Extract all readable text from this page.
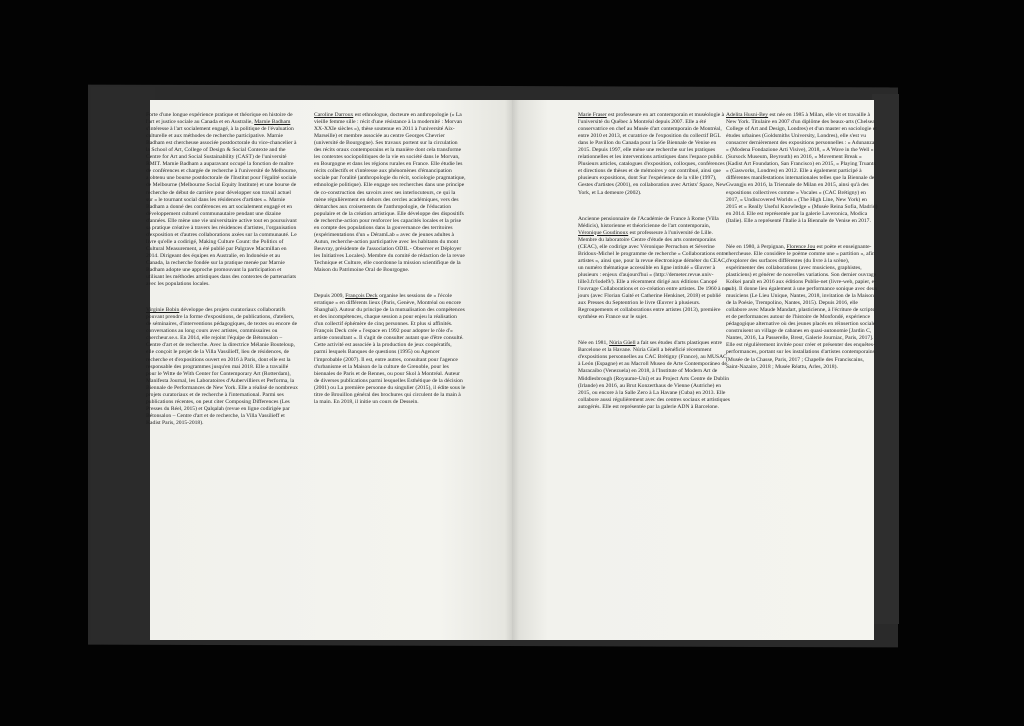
Forte d'une longue expérience pratique et théorique en histoire de l'art et justice sociale au Canada et en Australie, Marnie Badham s'intéresse à l'art socialement engagé, à la politique de l'évaluation culturelle et aux méthodes de recherche participative. Marnie Badham est chercheuse associée postdoctorale du vice-chancelier à la School of Art, College of Design & Social Contexte and the Centre for Art and Social Sustainability (CAST) de l'université RMIT. Marnie Badham a auparavant occupé la fonction de maître de conférences et chargée de recherche à l'université de Melbourne, a obtenu une bourse postdoctorale de l'Institut pour l'égalité sociale de Melbourne (Melbourne Social Equity Institute) et une bourse de recherche de début de carrière pour développer son travail actuel sur « le tournant social dans les résidences d'artistes ». Marnie Badham a donné des conférences en art socialement engagé et en développement culturel communautaire pendant une dizaine d'années. Elle mène une vie universitaire active tout en poursuivant sa pratique créative à travers les résidences d'artistes, l'organisation d'exposition et d'autres collaborations axées sur la communauté. Le livre qu'elle a codirigé, Making Culture Count: the Politics of Cultural Measurement, a été publié par Palgrave Macmillan en 2014. Dirigeant des équipes en Australie, en Indonésie et au Canada, la recherche fondée sur la pratique menée par Marnie Badham adopte une approche promouvant la participation et utilisant les méthodes artistiques dans des contextes de partenariats avec les populations locales.

Virginie Bobin développe des projets curatoriaux collaboratifs pouvant prendre la forme d'expositions, de publications, d'ateliers, de séminaires, d'interventions pédagogiques, de textes ou encore de conversations au long cours avec artistes, commissaires ou chercheur.se.s. En 2014, elle rejoint l'équipe de Bétonsalon – Centre d'art et de recherche. Avec la directrice Mélanie Bouteloup, elle conçoit le projet de la Villa Vassilieff, lieu de résidences, de recherche et d'expositions ouvert en 2016 à Paris, dont elle est la responsable des programmes jusqu'en mai 2018. Elle a travaillé pour le Witte de With Center for Contemporary Art (Rotterdam), Manifesta Journal, les Laboratoires d'Aubervilliers et Performa, la Biennale de Performances de New York. Elle a réalisé de nombreux projets curatoriaux et de recherche à l'international. Parmi ses publications récentes, on peut citer Composing Differences (Les Presses du Réel, 2015) et Qalqalah (revue en ligne codirigée par Bétonsalon – Centre d'art et de recherche, la Villa Vassilieff et Kadist Paris, 2015-2018).

Caroline Darroux est ethnologue, docteure en anthropologie (« La vieille femme sille : récit d'une résistance à la modernité : Morvan XX-XXIe siècles »), thèse soutenue en 2011 à l'université Aix-Marseille) et membre associée au centre Georges Chevrier (université de Bourgogne). Ses travaux portent sur la circulation des récits oraux contemporains et la manière dont cela transforme les contextes sociopolitiques de la vie en société dans le Morvan, en Bourgogne et dans les régions rurales en France. Elle étudie les récits collectifs et s'intéresse aux phénomènes d'émancipation sociale par l'oralité (anthropologie du récit, sociologie pragmatique, ethnologie politique). Elle engage ses recherches dans une principe de co-construction des savoirs avec ses interlocuteurs, ce qui la mène régulièrement en dehors des cercles académiques, vers des démarches aux croisements de l'anthropologie, de l'éducation populaire et de la création artistique. Elle développe des dispositifs de recherche-action pour renforcer les capacités locales et la prise en compte des populations dans la gouvernance des territoires (expérimentations d'un « DéramLab » avec de jeunes adultes à Autun, recherche-action participative avec les habitants du mont Beuvray, présidente de l'association ODIL - Observer et Déployer les Initiatives Locales). Membre du comité de rédaction de la revue Technique et Culture, elle coordonne la mission scientifique de la Maison du Patrimoine Oral de Bourgogne.

Depuis 2009, François Deck organise les sessions de « l'école erratique » en différents lieux (Paris, Genève, Montréal ou encore Shanghai). Autour du principe de la mutualisation des compétences et des incompétences, chaque session a pour enjeu la réalisation d'un collectif éphémère de cinq personnes. Et plus si affinités. François Deck crée « l'espace en 1992 pour adopter le rôle d'« artiste consultant ». Il s'agit de consulter autant que d'être consulté. Cette activité est associée à la production de jeux coopératifs, parmi lesquels Banques de questions (1995) ou Agencer l'improbable (2007). Il est, entre autres, consultant pour l'agence d'urbanisme et la Maison de la culture de Grenoble, pour les biennales de Paris et de Rennes, ou pour Skol à Montréal. Auteur de diverses publications parmi lesquelles Esthétique de la décision (2001) ou La première personne du singulier (2015), il édite sous le titre de Brouillon général des brochures qui circulent de la main à la main. En 2018, il initie un cours de Dessein.

Marie Fraser est professeure en art contemporain et muséologie à l'université du Québec à Montréal depuis 2007. Elle a été conservatrice en chef au Musée d'art contemporain de Montréal, entre 2010 et 2013, et curatrice de l'exposition du collectif BGL dans le Pavillon du Canada pour la 56e Biennale de Venise en 2015. Depuis 1997, elle mène une recherche sur les pratiques relationnelles et les interventions artistiques dans l'espace public. Plusieurs articles, catalogues d'exposition, colloques, conférences et directions de thèses et de mémoires y ont contribué, ainsi que plusieurs expositions, dont Sur l'expérience de la ville (1997), Gestes d'artistes (2001), en collaboration avec Artists' Space, New York, et La demeure (2002).

Ancienne pensionnaire de l'Académie de France à Rome (Villa Médicis), historienne et théoricienne de l'art contemporain, Véronique Goudinoux est professeure à l'université de Lille. Membre du laboratoire Centre d'étude des arts contemporains (CEAC), elle codirige avec Véronique Perruchon et Séverine Bridoux-Michel le programme de recherche « Collaborations entre artistes », ainsi que, pour la revue électronique déméter du CEAC, un numéro thématique accessible en ligne intitulé « Œuvrer à plusieurs : enjeux d'aujourd'hui » (http://demeter.revue.univ-lille3.fr/lodel9/). Elle a récemment dirigé aux éditions Canopé l'ouvrage Collaborations et co-création entre artistes. De 1960 à nos jours (avec Florian Gaité et Catherine Henkinet, 2018) et publié aux Presses du Septentrion le livre Œuvrer à plusieurs. Regroupements et collaborations entre artistes (2013), première synthèse en France sur le sujet.

Née en 1981, Núria Güell a fait ses études d'arts plastiques entre Barcelone et la Havane. Núria Güell a bénéficié récemment d'expositions personnelles au CAC Brétigny (France), au MUSAC à León (Espagne) et au Macroll Museo de Arte Contemporáneo de Maracaibo (Venezuela) en 2018, à l'Institute of Modern Art de Middlesbrough (Royaume-Uni) et au Project Arts Centre de Dublin (Irlande) en 2016, au Brut Konzerthaus de Vienne (Autriche) en 2015, ou encore à la Salle Zero à La Havane (Cuba) en 2013. Elle collabore aussi régulièrement avec des centres sociaux et artistiques autogérés. Elle est représentée par la galerie ADN à Barcelone.

Adelita Husni-Bey est née en 1985 à Milan, elle vit et travaille à New York. Titulaire en 2007 d'un diplôme des beaux-arts (Chelsea College of Art and Design, Londres) et d'un master en sociologie et études urbaines (Goldsmiths University, Londres), elle s'est vu consacrer dernièrement des expositions personnelles : « Adunanza » (Modena Fondazione Arti Visive), 2018, « A Wave in the Well » (Sursock Museum, Beyrouth) en 2016, « Movement Break » (Kadist Art Foundation, San Francisco) en 2015, « Playing Truants » (Gasworks, Londres) en 2012. Elle a également participé à différentes manifestations internationales telles que la Biennale de Gwangju en 2016, la Triennale de Milan en 2015, ainsi qu'à des expositions collectives comme « Vocales » (CAC Brétigny) en 2017, « Undiscovered Worlds » (The High Line, New York) en 2015 et « Really Useful Knowledge » (Musée Reina Sofia, Madrid) en 2014. Elle est représentée par la galerie Laveronica, Modica (Italie). Elle a représenté l'Italie à la Biennale de Venise en 2017.

Née en 1980, à Perpignan, Florence Jou est poète et enseignante-chercheuse. Elle considère le poème comme une « partition », afin d'explorer des surfaces différentes (du livre à la scène), expérimenter des collaborations (avec musiciens, graphistes, plasticiens) et générer de nouvelles variations. Son dernier ouvrage Kolkei paraît en 2016 aux éditions Publie-net (livre-web, papier, e-pub). Il donne lieu également à une performance sonique avec deux musiciens (Le Lieu Unique, Nantes, 2018, invitation de la Maison de la Poésie, Trempolino, Nantes, 2015). Depuis 2016, elle collabore avec Maude Mandart, plasticienne, à l'écriture de scripts et de performances autour de l'histoire de Monfondé, expérience pédagogique alternative où des jeunes placés en réinsertion sociale construisent un village de cabanes en quasi-autonomie [Jardin C, Nantes, 2016, La Passerelle, Brest, Galerie Journiac, Paris, 2017]. Elle est régulièrement invitée pour créer et présenter des enquêtes-performances, portant sur les installations d'artistes contemporains (Musée de la Chasse, Paris, 2017 ; Chapelle des Franciscains, Saint-Nazaire, 2018 ; Musée Réattu, Arles, 2018).
